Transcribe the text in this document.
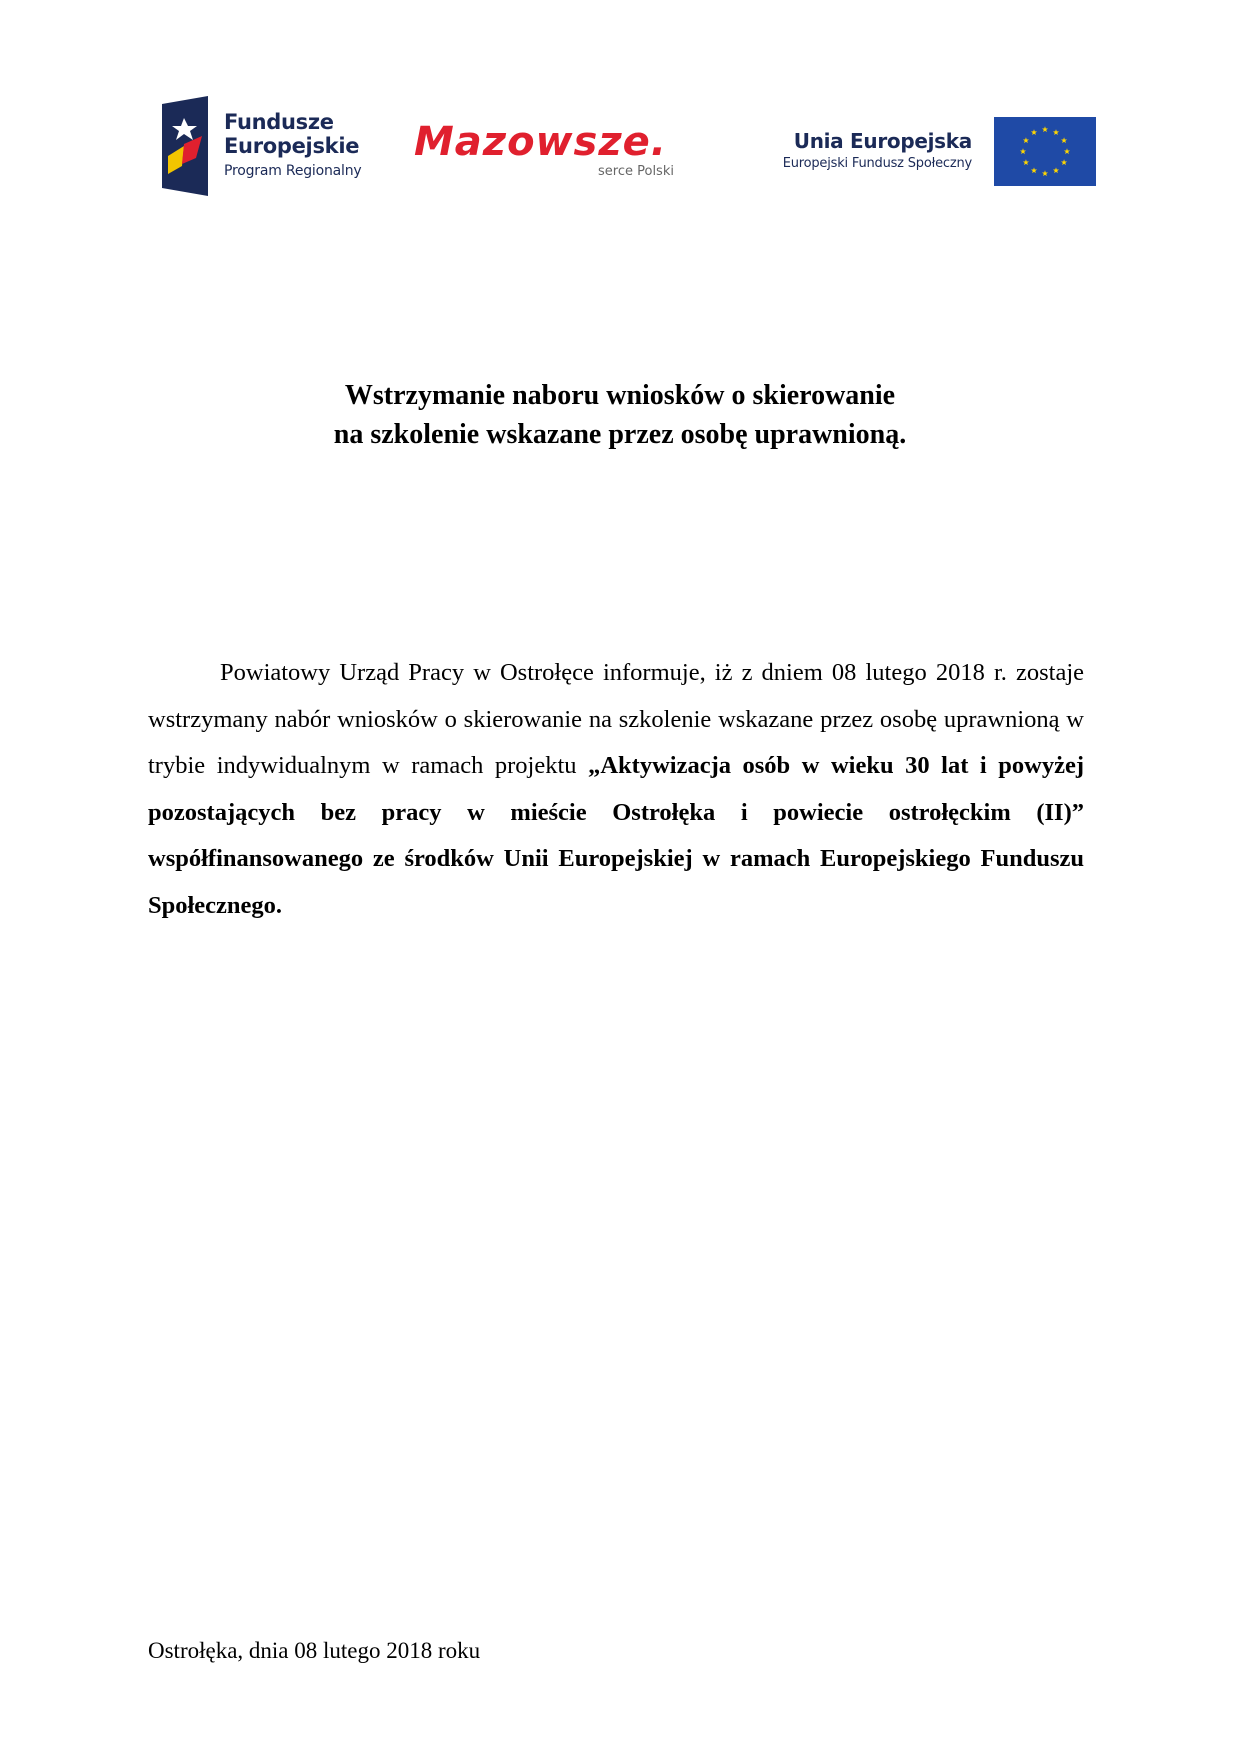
Fundusze
Europejskie
Program Regionalny
Mazowsze.
serce Polski
Unia Europejska
Europejski Fundusz Społeczny
Wstrzymanie naboru wniosków o skierowanie
na szkolenie wskazane przez osobę uprawnioną.

Powiatowy Urząd Pracy w Ostrołęce informuje, iż z dniem 08 lutego 2018 r. zostaje wstrzymany nabór wniosków o skierowanie na szkolenie wskazane przez osobę uprawnioną w trybie indywidualnym w ramach projektu „Aktywizacja osób w wieku 30 lat i powyżej pozostających bez pracy w mieście Ostrołęka i powiecie ostrołęckim (II)” współfinansowanego ze środków Unii Europejskiej w ramach Europejskiego Funduszu Społecznego.

Ostrołęka, dnia 08 lutego 2018 roku
